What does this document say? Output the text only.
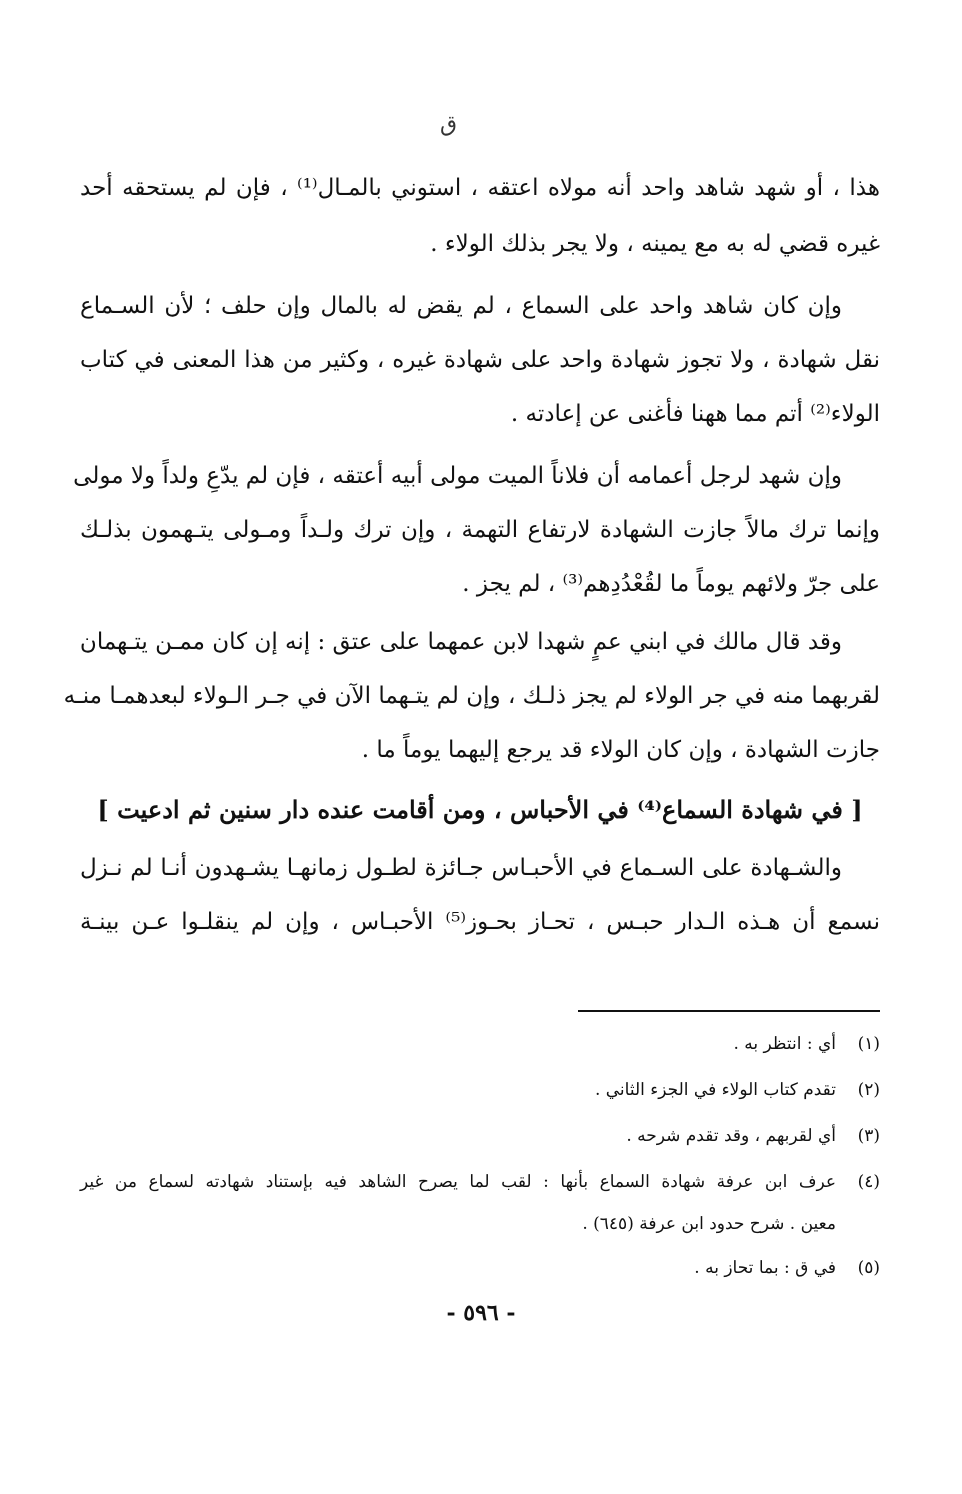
ق
هذا ، أو شهد شاهد واحد أنه مولاه اعتقه ، استوني بالمـال⁽¹⁾ ، فإن لم يستحقه أحد
غيره قضي له به مع يمينه ، ولا يجر بذلك الولاء .
وإن كان شاهد واحد على السماع ، لم يقض له بالمال وإن حلف ؛ لأن السـماع
نقل شهادة ، ولا تجوز شهادة واحد على شهادة غيره ، وكثير من هذا المعنى في كتاب
الولاء⁽²⁾ أتم مما ههنا فأغنى عن إعادته .
وإن شهد لرجل أعمامه أن فلاناً الميت مولى أبيه أعتقه ، فإن لم يدّعِ ولداً ولا مولى
وإنما ترك مالاً جازت الشهادة لارتفاع التهمة ، وإن ترك ولـداً ومـولى يتـهمون بذلـك
على جرّ ولائهم يوماً ما لقُعْدُدِهم⁽³⁾ ، لم يجز .
وقد قال مالك في ابني عمٍ شهدا لابن عمهما على عتق : إنه إن كان ممـن يتـهمان
لقربهما منه في جر الولاء لم يجز ذلـك ، وإن لم يتـهما الآن في جـر الـولاء لبعدهمـا منـه
جازت الشهادة ، وإن كان الولاء قد يرجع إليهما يوماً ما .
[ في شهادة السماع⁽⁴⁾ في الأحباس ، ومن أقامت عنده دار سنين ثم ادعيت ]
والشـهادة على السـماع في الأحبـاس جـائزة لطـول زمانهـا يشـهدون أنـا لم نـزل
نسمع أن هـذه الـدار حبـس ، تحـاز بحـوز⁽⁵⁾ الأحبـاس ، وإن لم ينقلـوا عـن بينـة
(١)أي : انتظر به .
(٢)تقدم كتاب الولاء في الجزء الثاني .
(٣)أي لقربهم ، وقد تقدم شرحه .
(٤)عرف ابن عرفة شهادة السماع بأنها : لقب لما يصرح الشاهد فيه بإستناد شهادته لسماع من غير
معين . شرح حدود ابن عرفة (٦٤٥) .
(٥)في ق : بما تحاز به .
- ٥٩٦ -
